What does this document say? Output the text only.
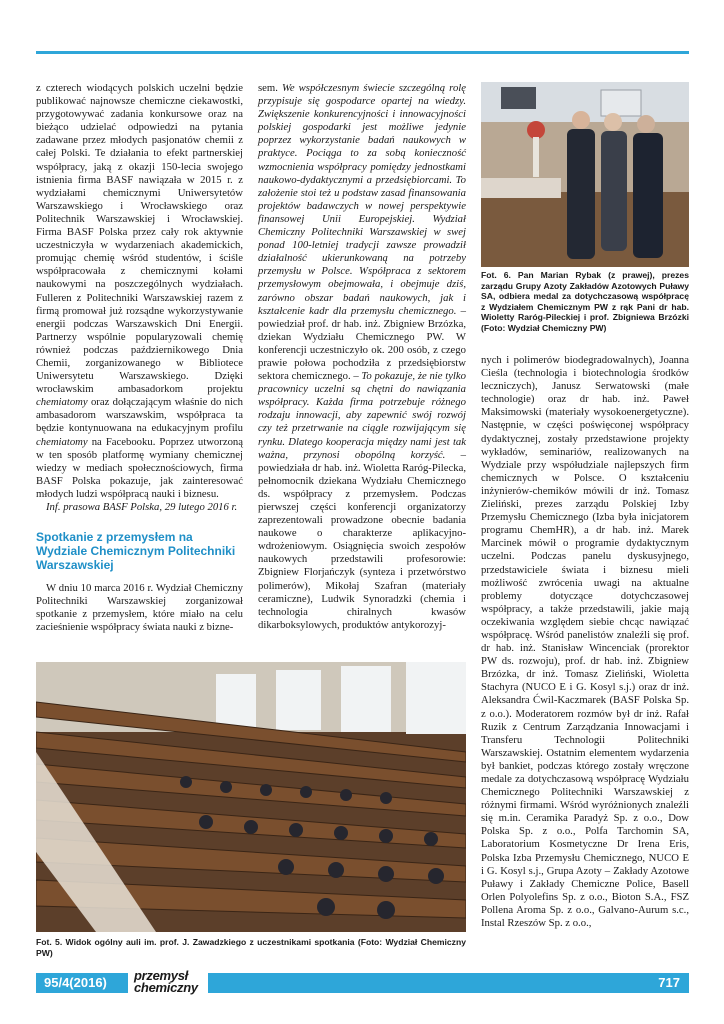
z czterech wiodących polskich uczelni będzie publikować najnowsze chemiczne ciekawostki, przygotowywać zadania konkursowe oraz na bieżąco udzielać odpowiedzi na pytania zadawane przez młodych pasjonatów chemii z całej Polski. Te działania to efekt partnerskiej współpracy, jaką z okazji 150-lecia swojego istnienia firma BASF nawiązała w 2015 r. z wydziałami chemicznymi Uniwersytetów Warszawskiego i Wrocławskiego oraz Politechnik Warszawskiej i Wrocławskiej. Firma BASF Polska przez cały rok aktywnie uczestniczyła w wydarzeniach akademickich, promując chemię wśród studentów, i ściśle współpracowała z chemicznymi kołami naukowymi na poszczególnych wydziałach. Fulleren z Politechniki Warszawskiej razem z firmą promował już rozsądne wykorzystywanie energii podczas Warszawskich Dni Energii. Partnerzy wspólnie popularyzowali chemię również podczas październikowego Dnia Chemii, zorganizowanego w Bibliotece Uniwersytetu Warszawskiego. Dzięki wrocławskim ambasadorkom projektu chemiatomy oraz dołączającym właśnie do nich ambasadorom warszawskim, współpraca ta będzie kontynuowana na edukacyjnym profilu chemiatomy na Facebooku. Poprzez utworzoną w ten sposób platformę wymiany chemicznej wiedzy w mediach społecznościowych, firma BASF Polska pokazuje, jak zainteresować młodych ludzi współpracą nauki i biznesu.

Inf. prasowa BASF Polska, 29 lutego 2016 r.

Spotkanie z przemysłem na Wydziale Chemicznym Politechniki Warszawskiej

W dniu 10 marca 2016 r. Wydział Chemiczny Politechniki Warszawskiej zorganizował spotkanie z przemysłem, które miało na celu zacieśnienie współpracy świata nauki z bizne-

sem. We współczesnym świecie szczególną rolę przypisuje się gospodarce opartej na wiedzy. Zwiększenie konkurencyjności i innowacyjności polskiej gospodarki jest możliwe jedynie poprzez wykorzystanie badań naukowych w praktyce. Pociąga to za sobą konieczność wzmocnienia współpracy pomiędzy jednostkami naukowo-dydaktycznymi a przedsiębiorcami. To założenie stoi też u podstaw zasad finansowania projektów badawczych w nowej perspektywie finansowej Unii Europejskiej. Wydział Chemiczny Politechniki Warszawskiej w swej ponad 100-letniej tradycji zawsze prowadził działalność ukierunkowaną na potrzeby przemysłu w Polsce. Współpraca z sektorem przemysłowym obejmowała, i obejmuje dziś, zarówno obszar badań naukowych, jak i kształcenie kadr dla przemysłu chemicznego. – powiedział prof. dr hab. inż. Zbigniew Brzózka, dziekan Wydziału Chemicznego PW. W konferencji uczestniczyło ok. 200 osób, z czego prawie połowa pochodziła z przedsiębiorstw sektora chemicznego. – To pokazuje, że nie tylko pracownicy uczelni są chętni do nawiązania współpracy. Każda firma potrzebuje różnego rodzaju innowacji, aby zapewnić swój rozwój czy też przetrwanie na ciągle rozwijającym się rynku. Dlatego kooperacja między nami jest tak ważna, przynosi obopólną korzyść. – powiedziała dr hab. inż. Wioletta Raróg-Pilecka, pełnomocnik dziekana Wydziału Chemicznego ds. współpracy z przemysłem. Podczas pierwszej części konferencji organizatorzy zaprezentowali prowadzone obecnie badania naukowe o charakterze aplikacyjno-wdrożeniowym. Osiągnięcia swoich zespołów naukowych przedstawili profesorowie: Zbigniew Florjańczyk (synteza i przetwórstwo polimerów), Mikołaj Szafran (materiały ceramiczne), Ludwik Synoradzki (chemia i technologia chiralnych kwasów dikarboksylowych, produktów antykorozyj-

Fot. 6. Pan Marian Rybak (z prawej), prezes zarządu Grupy Azoty Zakładów Azotowych Puławy SA, odbiera medal za dotychczasową współpracę z Wydziałem Chemicznym PW z rąk Pani dr hab. Wioletty Raróg-Pileckiej i prof. Zbigniewa Brzózki (Foto: Wydział Chemiczny PW)

nych i polimerów biodegradowalnych), Joanna Cieśla (technologia i biotechnologia środków leczniczych), Janusz Serwatowski (małe technologie) oraz dr hab. inż. Paweł Maksimowski (materiały wysokoenergetyczne). Następnie, w części poświęconej współpracy dydaktycznej, zostały przedstawione projekty wykładów, seminariów, realizowanych na Wydziale przy współudziale najlepszych firm chemicznych w Polsce. O kształceniu inżynierów-chemików mówili dr inż. Tomasz Zieliński, prezes zarządu Polskiej Izby Przemysłu Chemicznego (Izba była inicjatorem programu ChemHR), a dr hab. inż. Marek Marcinek mówił o programie dydaktycznym uczelni. Podczas panelu dyskusyjnego, przedstawiciele świata i biznesu mieli możliwość zwrócenia uwagi na aktualne problemy dotyczące dotychczasowej współpracy, a także przedstawili, jakie mają oczekiwania względem siebie chcąc nawiązać współpracę. Wśród panelistów znaleźli się prof. dr hab. inż. Stanisław Wincenciak (prorektor PW ds. rozwoju), prof. dr hab. inż. Zbigniew Brzózka, dr inż. Tomasz Zieliński, Wioletta Stachyra (NUCO E i G. Kosyl s.j.) oraz dr inż. Aleksandra Ćwil-Kaczmarek (BASF Polska Sp. z o.o.). Moderatorem rozmów był dr inż. Rafał Ruzik z Centrum Zarządzania Innowacjami i Transferu Technologii Politechniki Warszawskiej. Ostatnim elementem wydarzenia był bankiet, podczas którego zostały wręczone medale za dotychczasową współpracę Wydziału Chemicznego Politechniki Warszawskiej z różnymi firmami. Wśród wyróżnionych znaleźli się m.in. Ceramika Paradyż Sp. z o.o., Dow Polska Sp. z o.o., Polfa Tarchomin SA, Laboratorium Kosmetyczne Dr Irena Eris, Polska Izba Przemysłu Chemicznego, NUCO E i G. Kosyl s.j., Grupa Azoty – Zakłady Azotowe Puławy i Zakłady Chemiczne Police, Basell Orlen Polyolefins Sp. z o.o., Bioton S.A., FSZ Pollena Aroma Sp. z o.o., Galvano-Aurum s.c., Instal Rzeszów Sp. z o.o.,

Fot. 5. Widok ogólny auli im. prof. J. Zawadzkiego z uczestnikami spotkania (Foto: Wydział Chemiczny PW)
95/4(2016) przemysł
chemiczny	717
